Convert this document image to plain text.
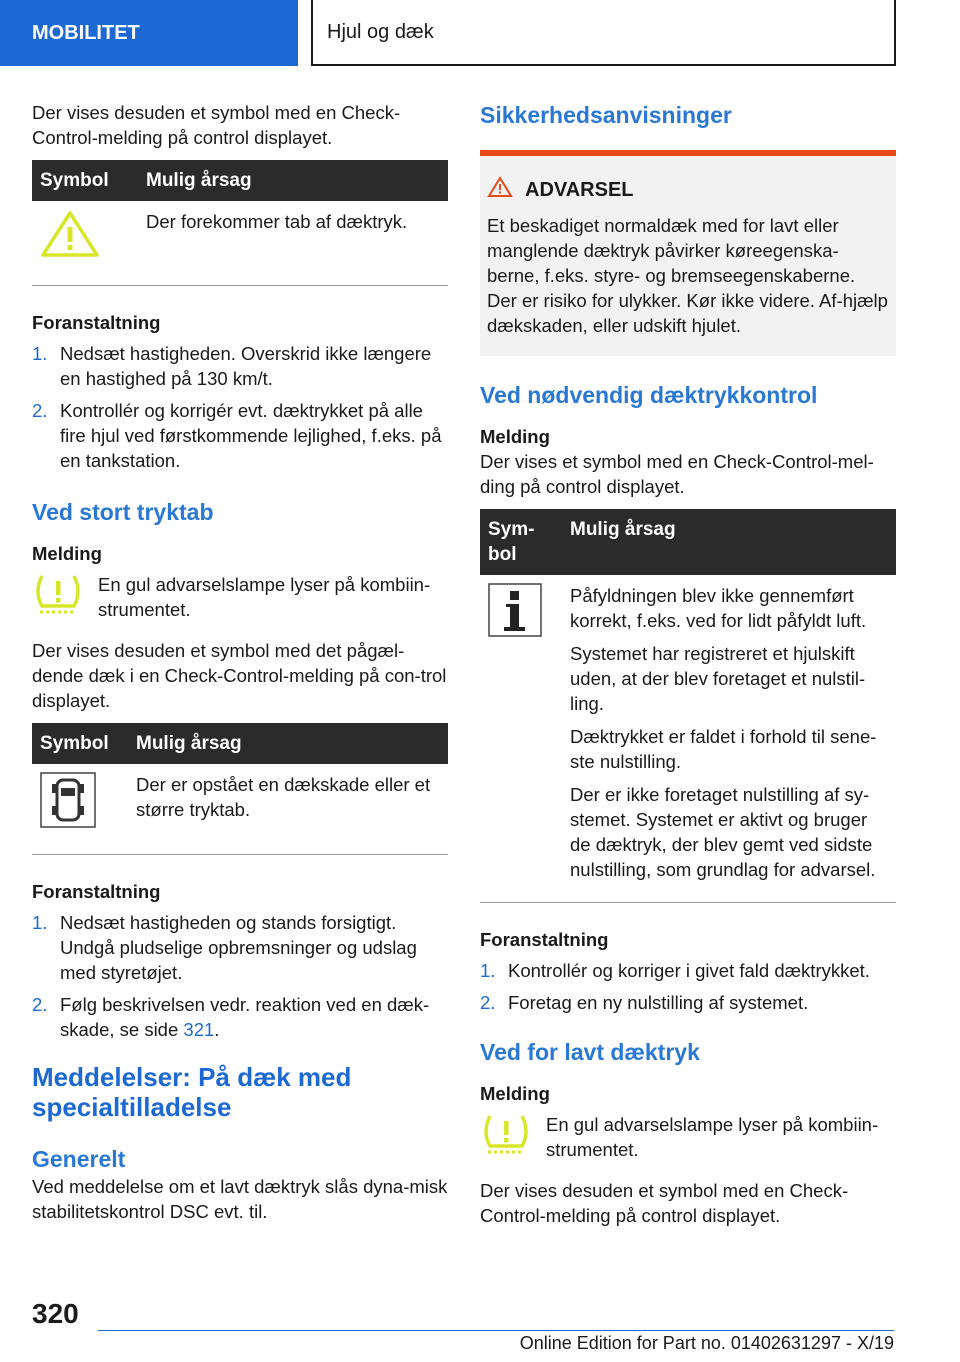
MOBILITET	Hjul og dæk

Der vises desuden et symbol med en Check-Control-melding på control displayet.

Symbol	Mulig årsag
	Der forekommer tab af dæktryk.

Foranstaltning

1. Nedsæt hastigheden. Overskrid ikke længere en hastighed på 130 km/t.
2. Kontrollér og korrigér evt. dæktrykket på alle fire hjul ved førstkommende lejlighed, f.eks. på en tankstation.

Ved stort tryktab

Melding

En gul advarselslampe lyser på kombiin-strumentet.

Der vises desuden et symbol med det pågæl-dende dæk i en Check-Control-melding på con-trol displayet.

Symbol	Mulig årsag
	Der er opstået en dækskade eller et større tryktab.

Foranstaltning

1. Nedsæt hastigheden og stands forsigtigt. Undgå pludselige opbremsninger og udslag med styretøjet.
2. Følg beskrivelsen vedr. reaktion ved en dæk-skade, se side 321.

Meddelelser: På dæk med specialtilladelse

Generelt

Ved meddelelse om et lavt dæktryk slås dyna-misk stabilitetskontrol DSC evt. til.

Sikkerhedsanvisninger

ADVARSEL

Et beskadiget normaldæk med for lavt eller manglende dæktryk påvirker køreegenska-berne, f.eks. styre- og bremseegenskaberne. Der er risiko for ulykker. Kør ikke videre. Af-hjælp dækskaden, eller udskift hjulet.

Ved nødvendig dæktrykkontrol

Melding

Der vises et symbol med en Check-Control-mel-ding på control displayet.

Sym-bol	Mulig årsag

Påfyldningen blev ikke gennemført korrekt, f.eks. ved for lidt påfyldt luft.

Systemet har registreret et hjulskift uden, at der blev foretaget et nulstil-ling.

Dæktrykket er faldet i forhold til sene-ste nulstilling.

Der er ikke foretaget nulstilling af sy-stemet. Systemet er aktivt og bruger de dæktryk, der blev gemt ved sidste nulstilling, som grundlag for advarsel.

Foranstaltning

1. Kontrollér og korriger i givet fald dæktrykket.
2. Foretag en ny nulstilling af systemet.

Ved for lavt dæktryk

Melding

En gul advarselslampe lyser på kombiin-strumentet.

Der vises desuden et symbol med en Check-Control-melding på control displayet.

320
Online Edition for Part no. 01402631297 - X/19
